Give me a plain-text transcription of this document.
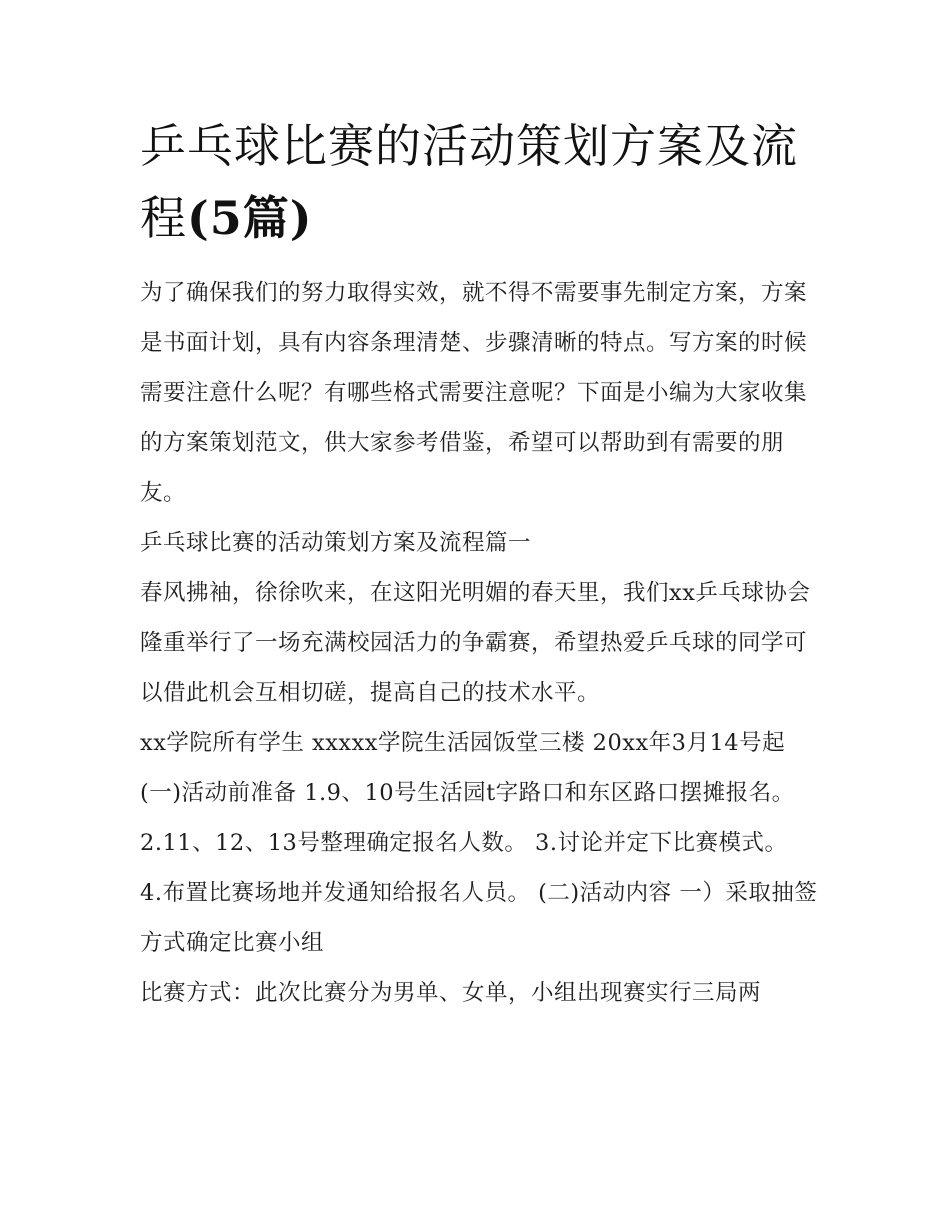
乒乓球比赛的活动策划方案及流程(5篇)

为了确保我们的努力取得实效，就不得不需要事先制定方案，方案是书面计划，具有内容条理清楚、步骤清晰的特点。写方案的时候需要注意什么呢？有哪些格式需要注意呢？下面是小编为大家收集的方案策划范文，供大家参考借鉴，希望可以帮助到有需要的朋友。

乒乓球比赛的活动策划方案及流程篇一

春风拂袖，徐徐吹来，在这阳光明媚的春天里，我们xx乒乓球协会隆重举行了一场充满校园活力的争霸赛，希望热爱乒乓球的同学可以借此机会互相切磋，提高自己的技术水平。

xx学院所有学生 xxxxx学院生活园饭堂三楼 20xx年3月14号起 (一)活动前准备 1.9、10号生活园t字路口和东区路口摆摊报名。

2.11、12、13号整理确定报名人数。 3.讨论并定下比赛模式。

4.布置比赛场地并发通知给报名人员。 (二)活动内容 一）采取抽签方式确定比赛小组

比赛方式：此次比赛分为男单、女单，小组出现赛实行三局两
